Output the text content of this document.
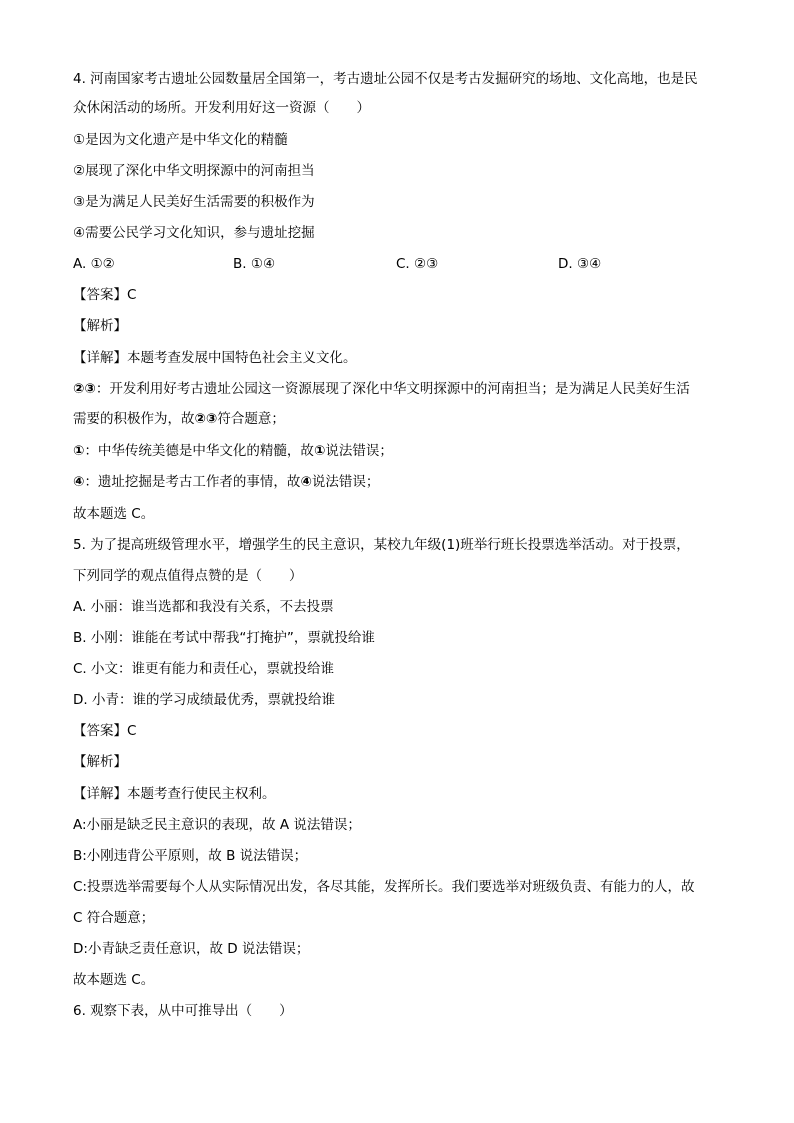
4. 河南国家考古遗址公园数量居全国第一，考古遗址公园不仅是考古发掘研究的场地、文化高地，也是民
众休闲活动的场所。开发利用好这一资源（　　）
①是因为文化遗产是中华文化的精髓
②展现了深化中华文明探源中的河南担当
③是为满足人民美好生活需要的积极作为
④需要公民学习文化知识，参与遗址挖掘
A. ①②	B. ①④	C. ②③	D. ③④
【答案】C
【解析】
【详解】本题考查发展中国特色社会主义文化。
②③：开发利用好考古遗址公园这一资源展现了深化中华文明探源中的河南担当；是为满足人民美好生活
需要的积极作为，故②③符合题意；
①：中华传统美德是中华文化的精髓，故①说法错误；
④：遗址挖掘是考古工作者的事情，故④说法错误；
故本题选 C。
5. 为了提高班级管理水平，增强学生的民主意识，某校九年级(1)班举行班长投票选举活动。对于投票，
下列同学的观点值得点赞的是（　　）
A. 小丽：谁当选都和我没有关系，不去投票
B. 小刚：谁能在考试中帮我“打掩护”，票就投给谁
C. 小文：谁更有能力和责任心，票就投给谁
D. 小青：谁的学习成绩最优秀，票就投给谁
【答案】C
【解析】
【详解】本题考查行使民主权利。
A:小丽是缺乏民主意识的表现，故 A 说法错误；
B:小刚违背公平原则，故 B 说法错误；
C:投票选举需要每个人从实际情况出发，各尽其能，发挥所长。我们要选举对班级负责、有能力的人，故
C 符合题意；
D:小青缺乏责任意识，故 D 说法错误；
故本题选 C。
6. 观察下表，从中可推导出（　　）
